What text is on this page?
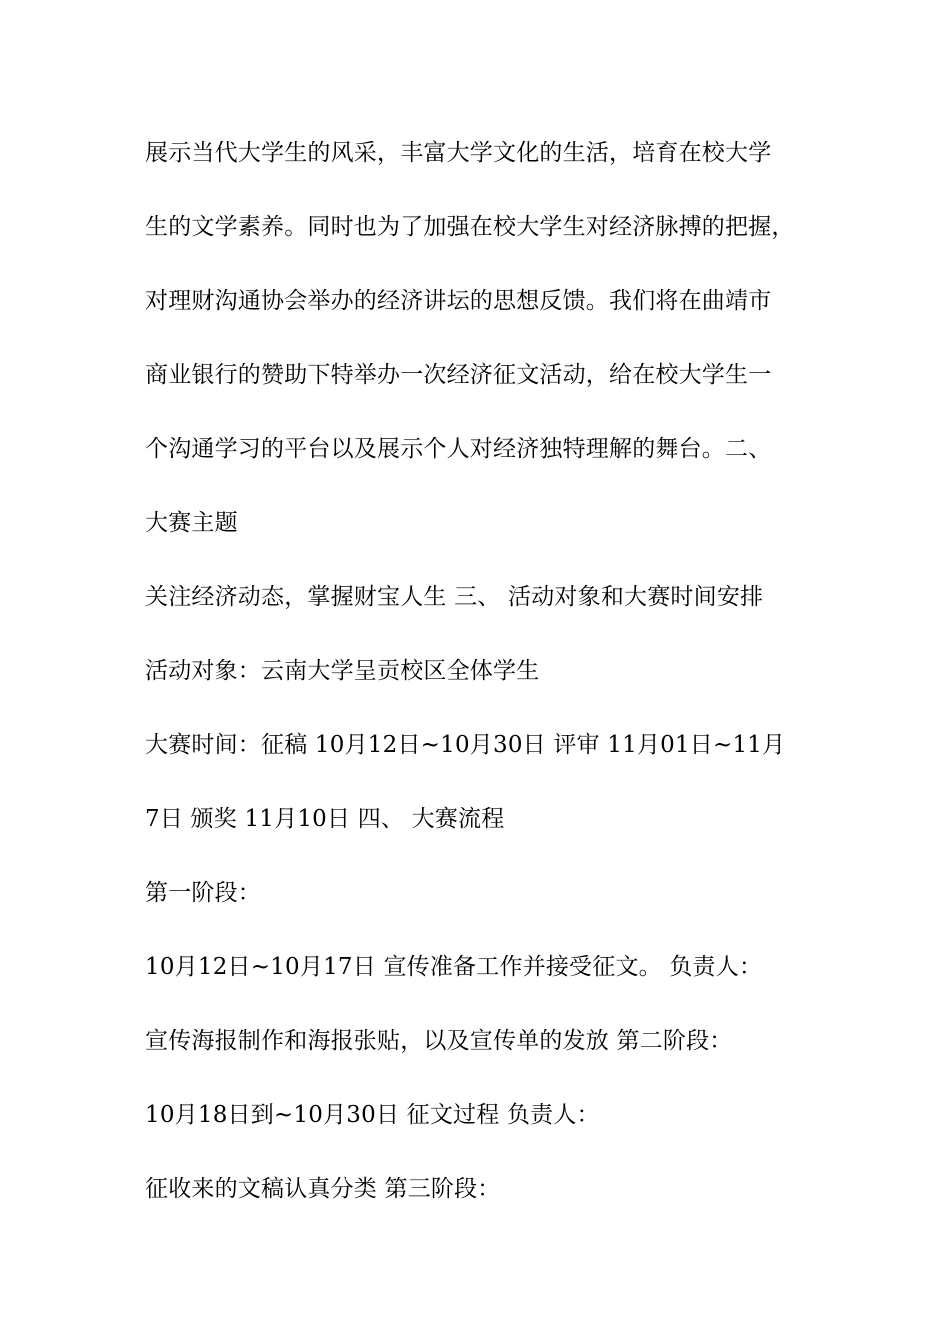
展示当代大学生的风采，丰富大学文化的生活，培育在校大学
生的文学素养。同时也为了加强在校大学生对经济脉搏的把握，
对理财沟通协会举办的经济讲坛的思想反馈。我们将在曲靖市
商业银行的赞助下特举办一次经济征文活动，给在校大学生一
个沟通学习的平台以及展示个人对经济独特理解的舞台。二、
大赛主题
关注经济动态，掌握财宝人生 三、 活动对象和大赛时间安排
活动对象：云南大学呈贡校区全体学生
大赛时间：征稿 10月12日~10月30日 评审 11月01日~11月
7日 颁奖 11月10日 四、 大赛流程
第一阶段：
10月12日~10月17日 宣传准备工作并接受征文。 负责人：
宣传海报制作和海报张贴，以及宣传单的发放 第二阶段：
10月18日到~10月30日 征文过程 负责人：
征收来的文稿认真分类 第三阶段：
